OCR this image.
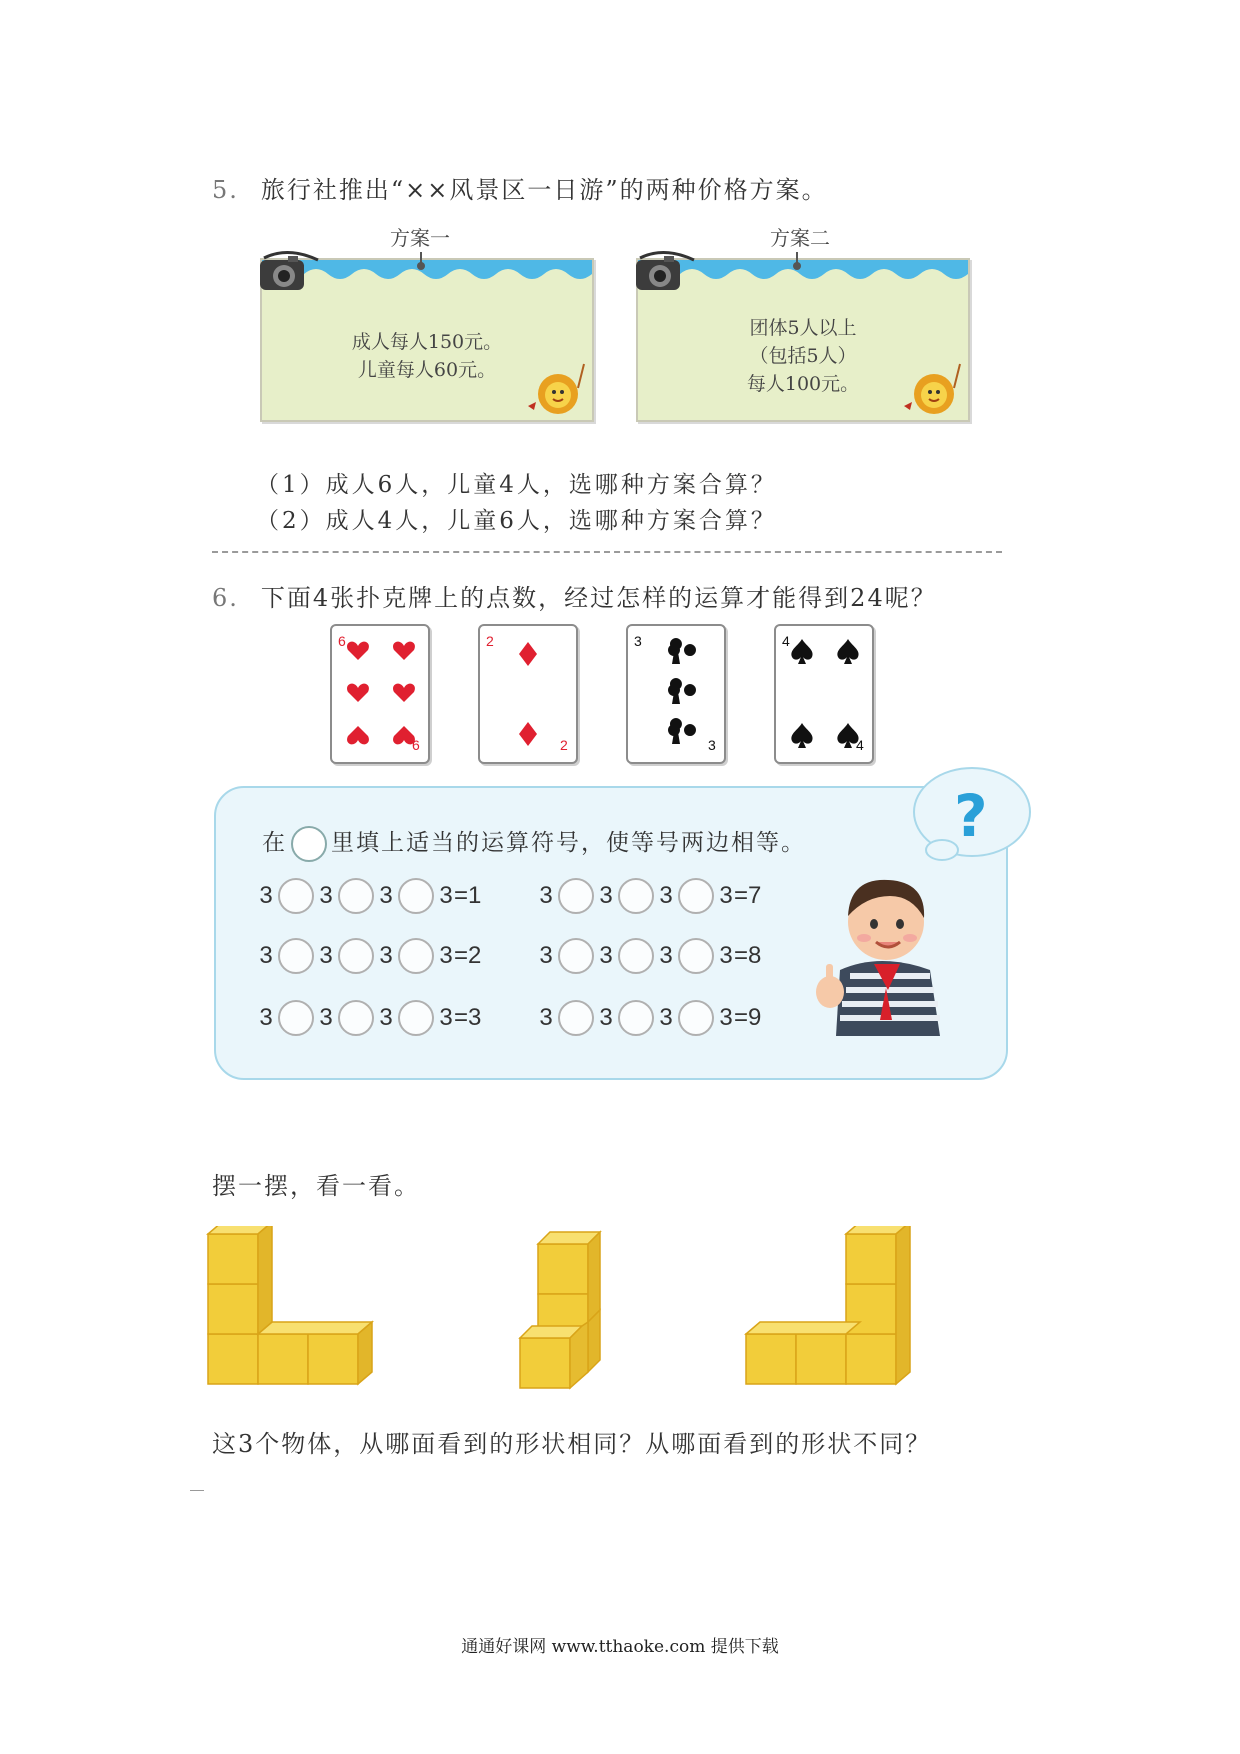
5. 旅行社推出“××风景区一日游”的两种价格方案。
方案一	方案二
成人每人150元。
儿童每人60元。
团体5人以上
（包括5人）
每人100元。
（1）成人6人，儿童4人，选哪种方案合算？
（2）成人4人，儿童6人，选哪种方案合算？
6. 下面4张扑克牌上的点数，经过怎样的运算才能得到24呢？
6
6
2
2
3
3
4
4
?
在 里填上适当的运算符号，使等号两边相等。
3 3 3 3 =1 3 3 3 3 =7
3 3 3 3 =2 3 3 3 3 =8
3 3 3 3 =3 3 3 3 3 =9
摆一摆，看一看。
这3个物体，从哪面看到的形状相同？从哪面看到的形状不同？
通通好课网 www.tthaoke.com 提供下载
